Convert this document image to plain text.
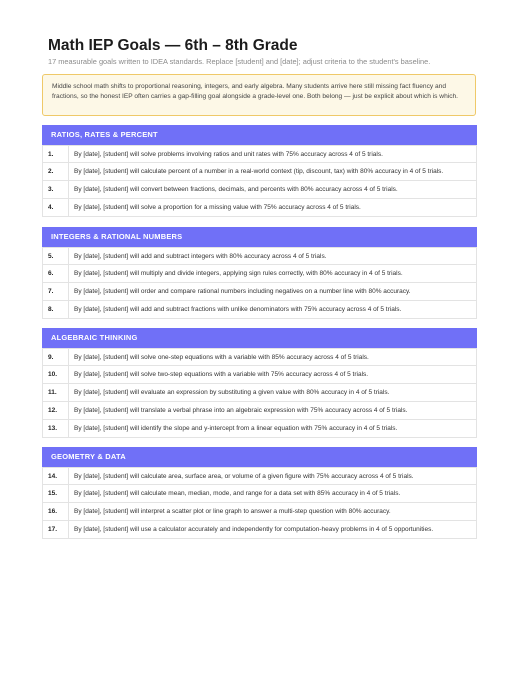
Math IEP Goals — 6th – 8th Grade
17 measurable goals written to IDEA standards. Replace [student] and [date]; adjust criteria to the student's baseline.
Middle school math shifts to proportional reasoning, integers, and early algebra. Many students arrive here still missing fact fluency and fractions, so the honest IEP often carries a gap-filling goal alongside a grade-level one. Both belong — just be explicit about which is which.
RATIOS, RATES & PERCENT
1.	By [date], [student] will solve problems involving ratios and unit rates with 75% accuracy across 4 of 5 trials.
2.	By [date], [student] will calculate percent of a number in a real-world context (tip, discount, tax) with 80% accuracy in 4 of 5 trials.
3.	By [date], [student] will convert between fractions, decimals, and percents with 80% accuracy across 4 of 5 trials.
4.	By [date], [student] will solve a proportion for a missing value with 75% accuracy across 4 of 5 trials.
INTEGERS & RATIONAL NUMBERS
5.	By [date], [student] will add and subtract integers with 80% accuracy across 4 of 5 trials.
6.	By [date], [student] will multiply and divide integers, applying sign rules correctly, with 80% accuracy in 4 of 5 trials.
7.	By [date], [student] will order and compare rational numbers including negatives on a number line with 80% accuracy.
8.	By [date], [student] will add and subtract fractions with unlike denominators with 75% accuracy across 4 of 5 trials.
ALGEBRAIC THINKING
9.	By [date], [student] will solve one-step equations with a variable with 85% accuracy across 4 of 5 trials.
10.	By [date], [student] will solve two-step equations with a variable with 75% accuracy across 4 of 5 trials.
11.	By [date], [student] will evaluate an expression by substituting a given value with 80% accuracy in 4 of 5 trials.
12.	By [date], [student] will translate a verbal phrase into an algebraic expression with 75% accuracy across 4 of 5 trials.
13.	By [date], [student] will identify the slope and y-intercept from a linear equation with 75% accuracy in 4 of 5 trials.
GEOMETRY & DATA
14.	By [date], [student] will calculate area, surface area, or volume of a given figure with 75% accuracy across 4 of 5 trials.
15.	By [date], [student] will calculate mean, median, mode, and range for a data set with 85% accuracy in 4 of 5 trials.
16.	By [date], [student] will interpret a scatter plot or line graph to answer a multi-step question with 80% accuracy.
17.	By [date], [student] will use a calculator accurately and independently for computation-heavy problems in 4 of 5 opportunities.
